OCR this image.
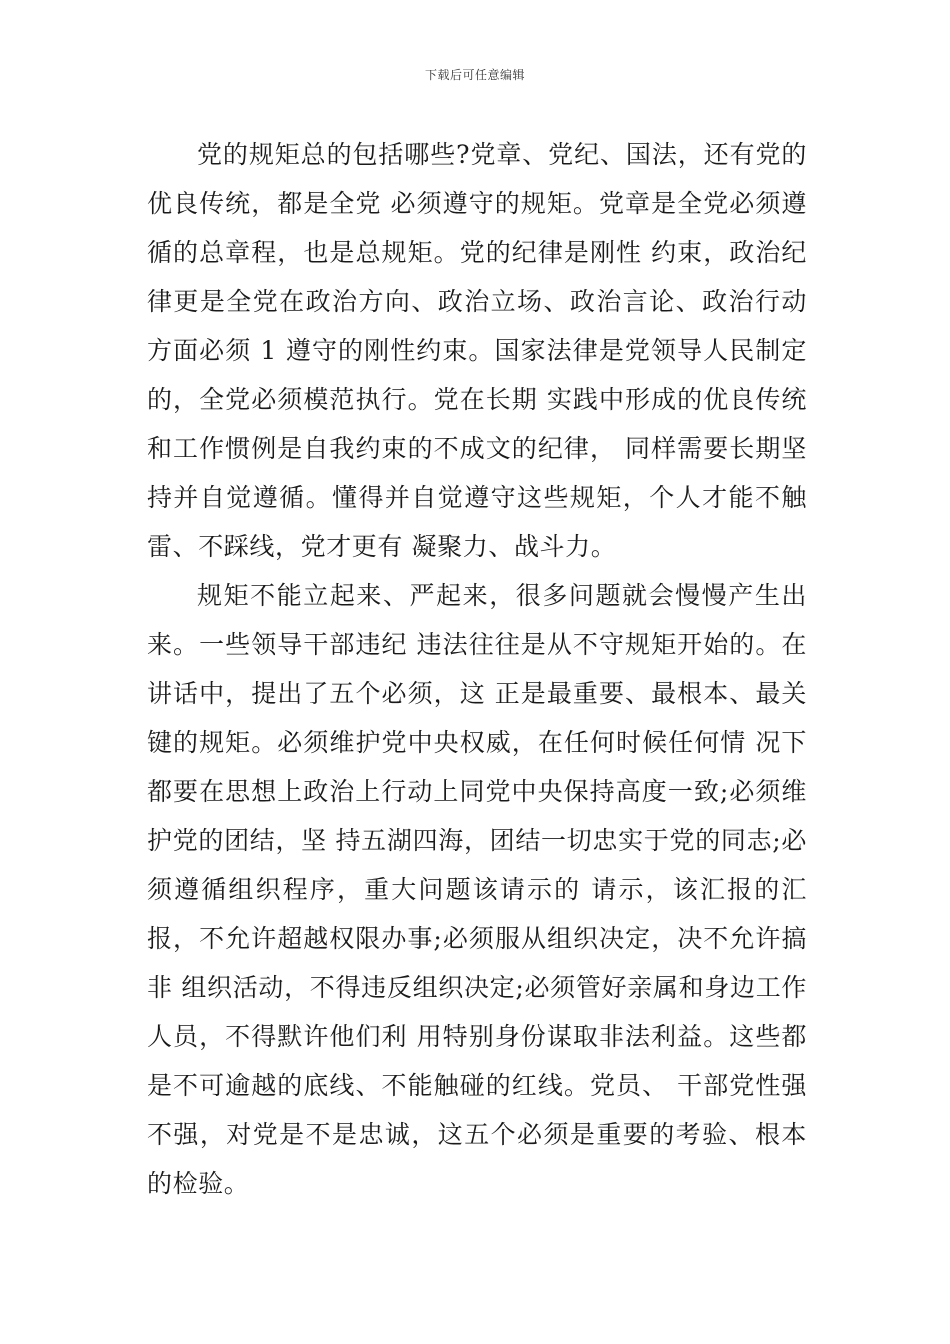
下载后可任意编辑

党的规矩总的包括哪些?党章、党纪、国法，还有党的优良传统，都是全党 必须遵守的规矩。党章是全党必须遵循的总章程，也是总规矩。党的纪律是刚性 约束，政治纪律更是全党在政治方向、政治立场、政治言论、政治行动方面必须 1 遵守的刚性约束。国家法律是党领导人民制定的，全党必须模范执行。党在长期 实践中形成的优良传统和工作惯例是自我约束的不成文的纪律， 同样需要长期坚持并自觉遵循。懂得并自觉遵守这些规矩，个人才能不触雷、不踩线，党才更有 凝聚力、战斗力。

规矩不能立起来、严起来，很多问题就会慢慢产生出来。一些领导干部违纪 违法往往是从不守规矩开始的。在讲话中，提出了五个必须，这 正是最重要、最根本、最关键的规矩。必须维护党中央权威，在任何时候任何情 况下都要在思想上政治上行动上同党中央保持高度一致;必须维护党的团结，坚 持五湖四海，团结一切忠实于党的同志;必须遵循组织程序，重大问题该请示的 请示，该汇报的汇报，不允许超越权限办事;必须服从组织决定，决不允许搞非 组织活动，不得违反组织决定;必须管好亲属和身边工作人员，不得默许他们利 用特别身份谋取非法利益。这些都是不可逾越的底线、不能触碰的红线。党员、 干部党性强不强，对党是不是忠诚，这五个必须是重要的考验、根本的检验。
